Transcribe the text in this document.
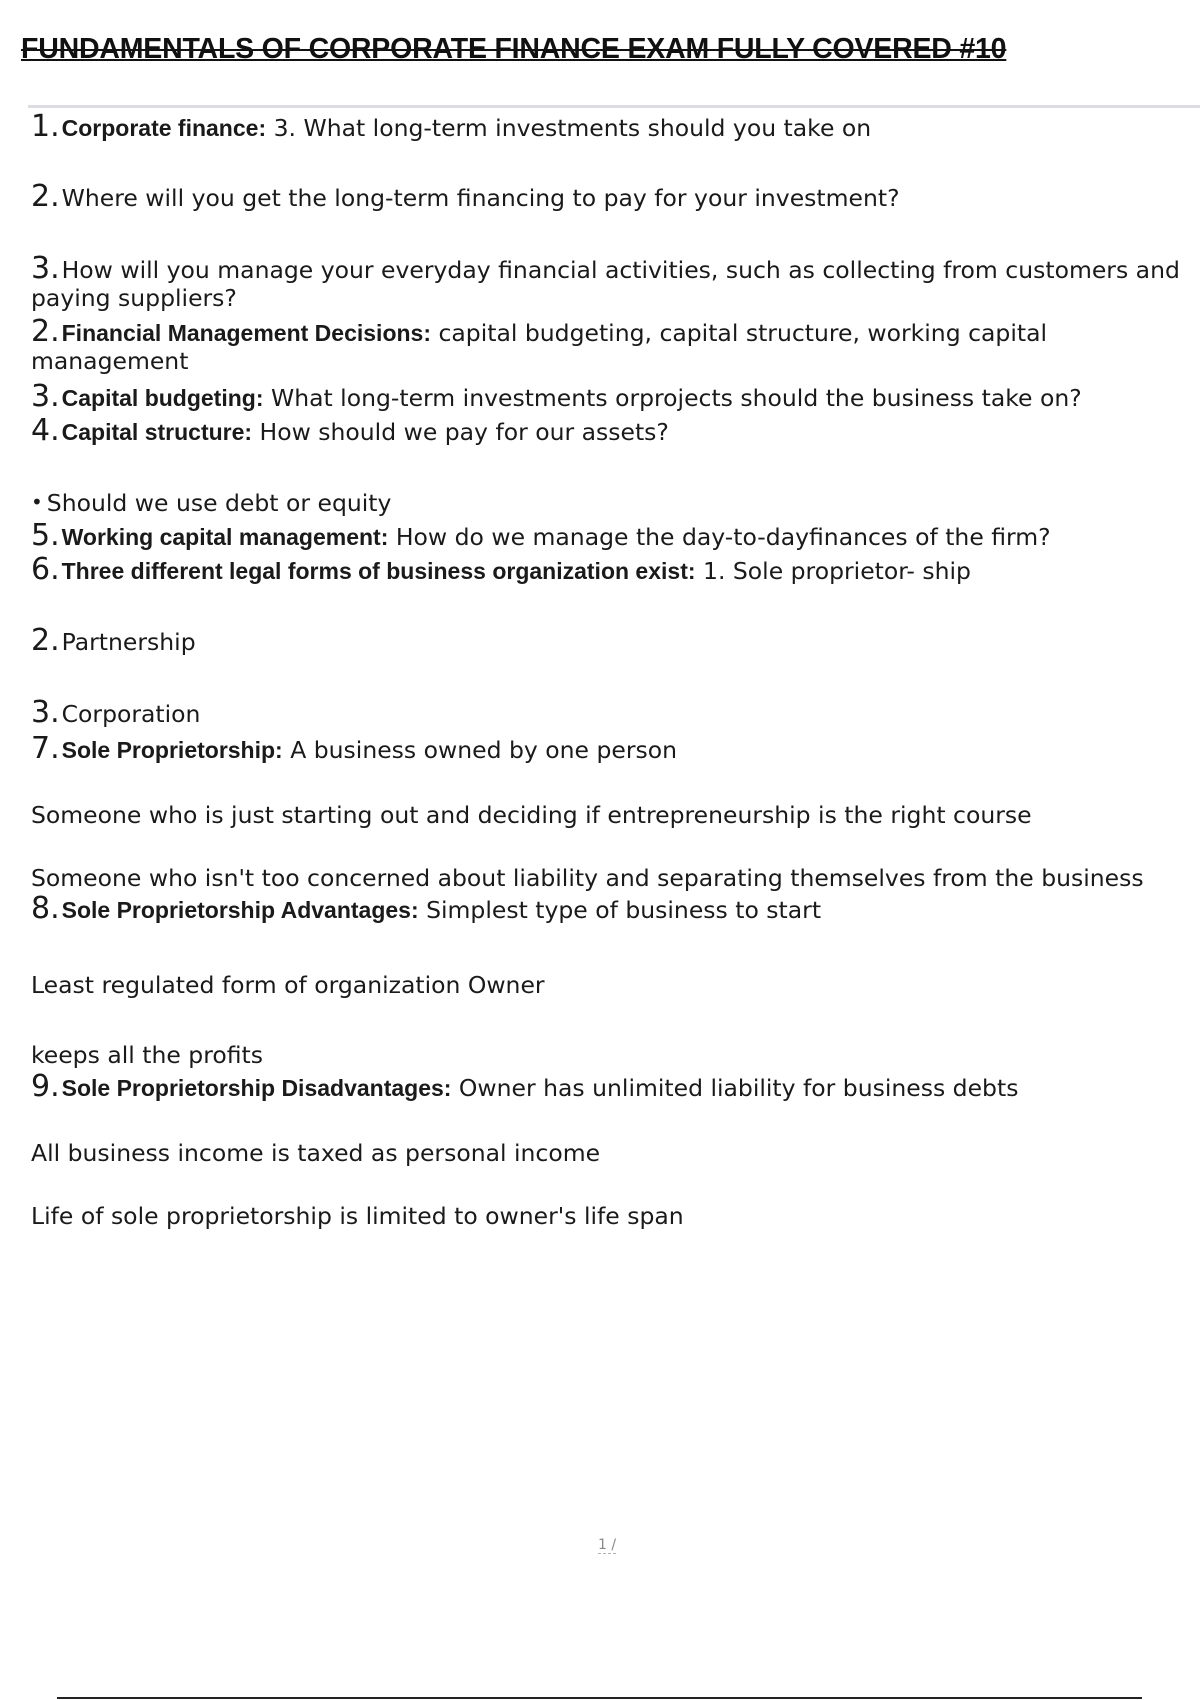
FUNDAMENTALS OF CORPORATE FINANCE EXAM FULLY COVERED #10
1.Corporate finance: 3. What long-term investments should you take on
2.Where will you get the long-term financing to pay for your investment?
3.How will you manage your everyday financial activities, such as collecting from customers and paying suppliers?
2.Financial Management Decisions: capital budgeting, capital structure, working capital management
3.Capital budgeting: What long-term investments orprojects should the business take on?
4.Capital structure: How should we pay for our assets?
• Should we use debt or equity
5.Working capital management: How do we manage the day-to-dayfinances of the firm?
6.Three different legal forms of business organization exist: 1. Sole proprietor- ship
2.Partnership
3.Corporation
7.Sole Proprietorship: A business owned by one person
Someone who is just starting out and deciding if entrepreneurship is the right course
Someone who isn't too concerned about liability and separating themselves from the business
8.Sole Proprietorship Advantages: Simplest type of business to start
Least regulated form of organization Owner
keeps all the profits
9.Sole Proprietorship Disadvantages: Owner has unlimited liability for business debts
All business income is taxed as personal income
Life of sole proprietorship is limited to owner's life span
1 /
